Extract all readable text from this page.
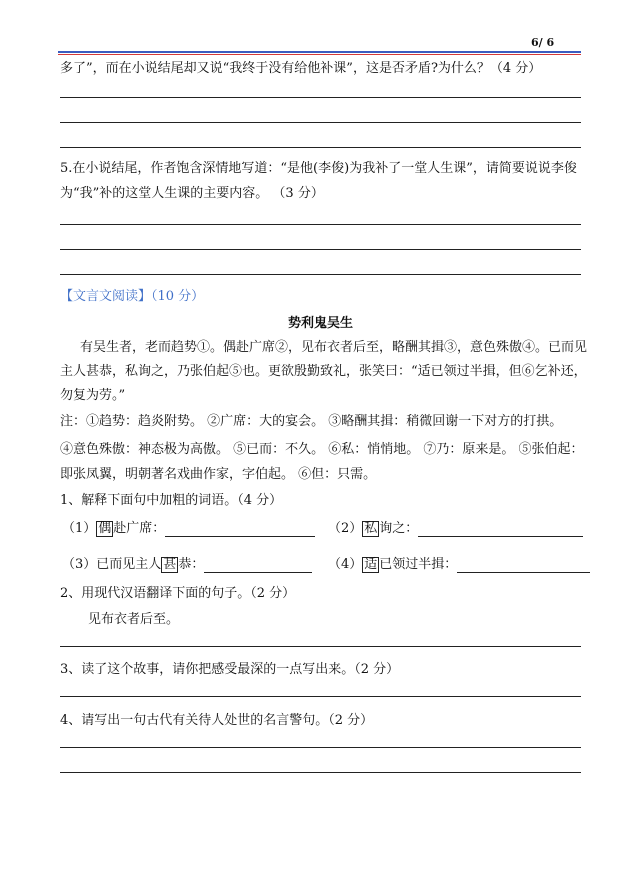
6/ 6
多了”，而在小说结尾却又说“我终于没有给他补课”，这是否矛盾?为什么？（4 分）
5.在小说结尾，作者饱含深情地写道：“是他(李俊)为我补了一堂人生课”，请简要说说李俊
为“我”补的这堂人生课的主要内容。 （3 分）
【文言文阅读】（10 分）
势利鬼吴生
有吴生者，老而趋势①。偶赴广席②，见布衣者后至，略酬其揖③，意色殊傲④。已而见
主人甚恭，私询之，乃张伯起⑤也。更欲殷勤致礼，张笑曰：“适已领过半揖，但⑥乞补还，
勿复为劳。”
注：①趋势：趋炎附势。 ②广席：大的宴会。 ③略酬其揖：稍微回谢一下对方的打拱。
④意色殊傲：神态极为高傲。 ⑤已而：不久。 ⑥私：悄悄地。 ⑦乃：原来是。 ⑤张伯起：
即张凤翼，明朝著名戏曲作家，字伯起。 ⑥但：只需。
1、解释下面句中加粗的词语。（4 分）
（1） 偶 赴广席：	（2） 私 询之：
（3）已而见主人 甚 恭：	（4） 适 已领过半揖：
2、用现代汉语翻译下面的句子。（2 分）
见布衣者后至。
3、读了这个故事，请你把感受最深的一点写出来。（2 分）
4、请写出一句古代有关待人处世的名言警句。（2 分）
